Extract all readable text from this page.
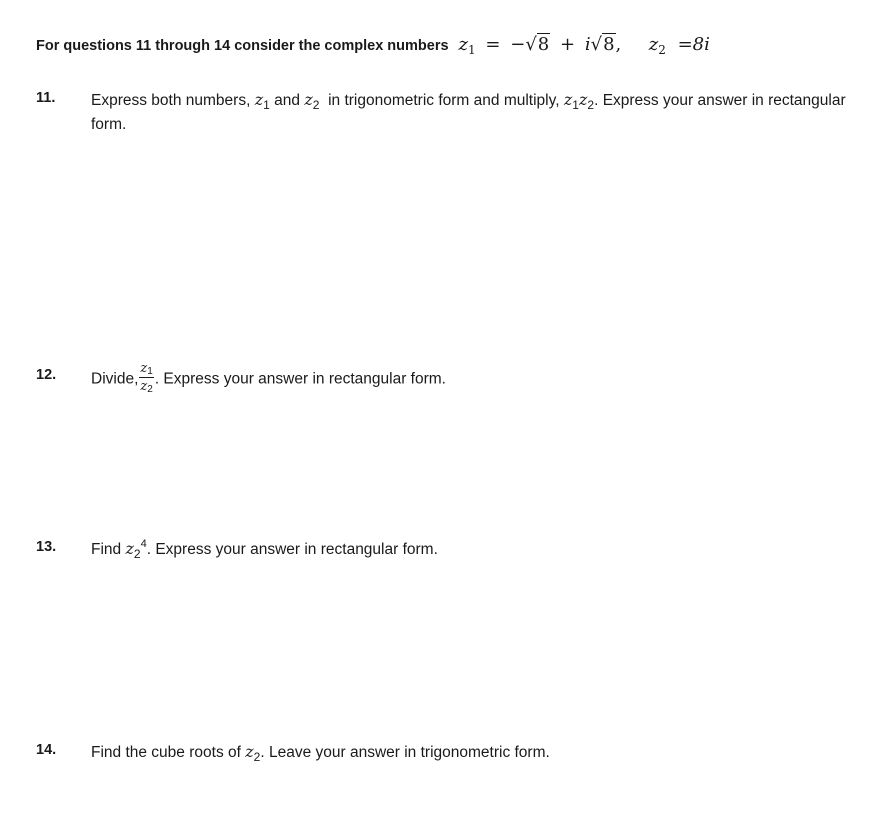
For questions 11 through 14 consider the complex numbers $z_1 = -√8 + i√8$, $z_2 =8i$
11. Express both numbers, $z_1$ and $z_2$ in trigonometric form and multiply, $z_1z_2$. Express your answer in rectangular form.
12. Divide, $\frac{z1}{z2}$ . Express your answer in rectangular form.
13. Find $z_2^4$. Express your answer in rectangular form.
14. Find the cube roots of $z_2$. Leave your answer in trigonometric form.
